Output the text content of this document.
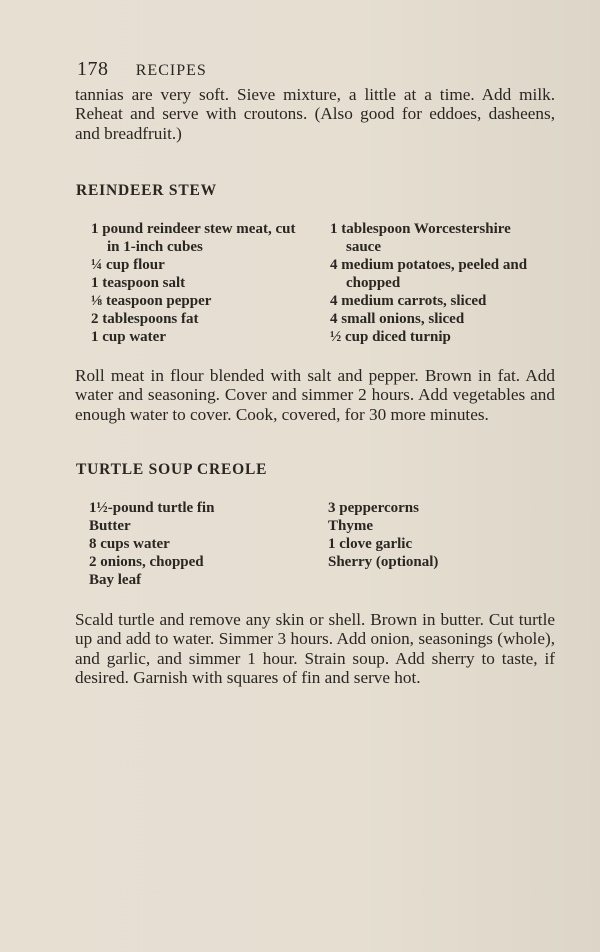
178 RECIPES
tannias are very soft. Sieve mixture, a little at a time. Add milk. Reheat and serve with croutons. (Also good for eddoes, dasheens, and breadfruit.)
REINDEER STEW
1 pound reindeer stew meat, cut
in 1-inch cubes
¼ cup flour
1 teaspoon salt
⅛ teaspoon pepper
2 tablespoons fat
1 cup water
1 tablespoon Worcestershire
sauce
4 medium potatoes, peeled and
chopped
4 medium carrots, sliced
4 small onions, sliced
½ cup diced turnip
Roll meat in flour blended with salt and pepper. Brown in fat. Add water and seasoning. Cover and simmer 2 hours. Add vegetables and enough water to cover. Cook, covered, for 30 more minutes.
TURTLE SOUP CREOLE
1½-pound turtle fin
Butter
8 cups water
2 onions, chopped
Bay leaf
3 peppercorns
Thyme
1 clove garlic
Sherry (optional)
Scald turtle and remove any skin or shell. Brown in butter. Cut turtle up and add to water. Simmer 3 hours. Add onion, seasonings (whole), and garlic, and simmer 1 hour. Strain soup. Add sherry to taste, if desired. Garnish with squares of fin and serve hot.
